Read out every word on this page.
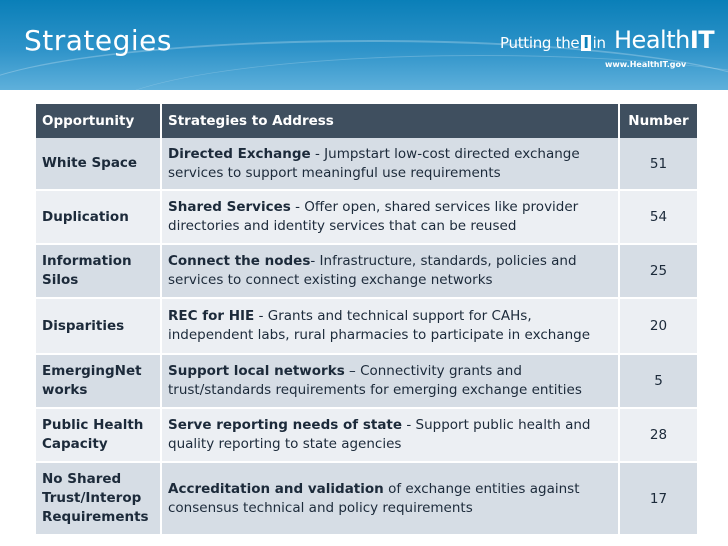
Strategies	Putting the I in HealthIT
www.HealthIT.gov
Opportunity	Strategies to Address	Number
White Space	Directed Exchange - Jumpstart low-cost directed exchange services to support meaningful use requirements	51
Duplication	Shared Services - Offer open, shared services like provider directories and identity services that can be reused	54
Information Silos	Connect the nodes- Infrastructure, standards, policies and services to connect existing exchange networks	25
Disparities	REC for HIE - Grants and technical support for CAHs, independent labs, rural pharmacies to participate in exchange	20
EmergingNetworks	Support local networks – Connectivity grants and trust/standards requirements for emerging exchange entities	5
Public Health Capacity	Serve reporting needs of state - Support public health and quality reporting to state agencies	28
No Shared Trust/Interop Requirements	Accreditation and validation of exchange entities against consensus technical and policy requirements	17
